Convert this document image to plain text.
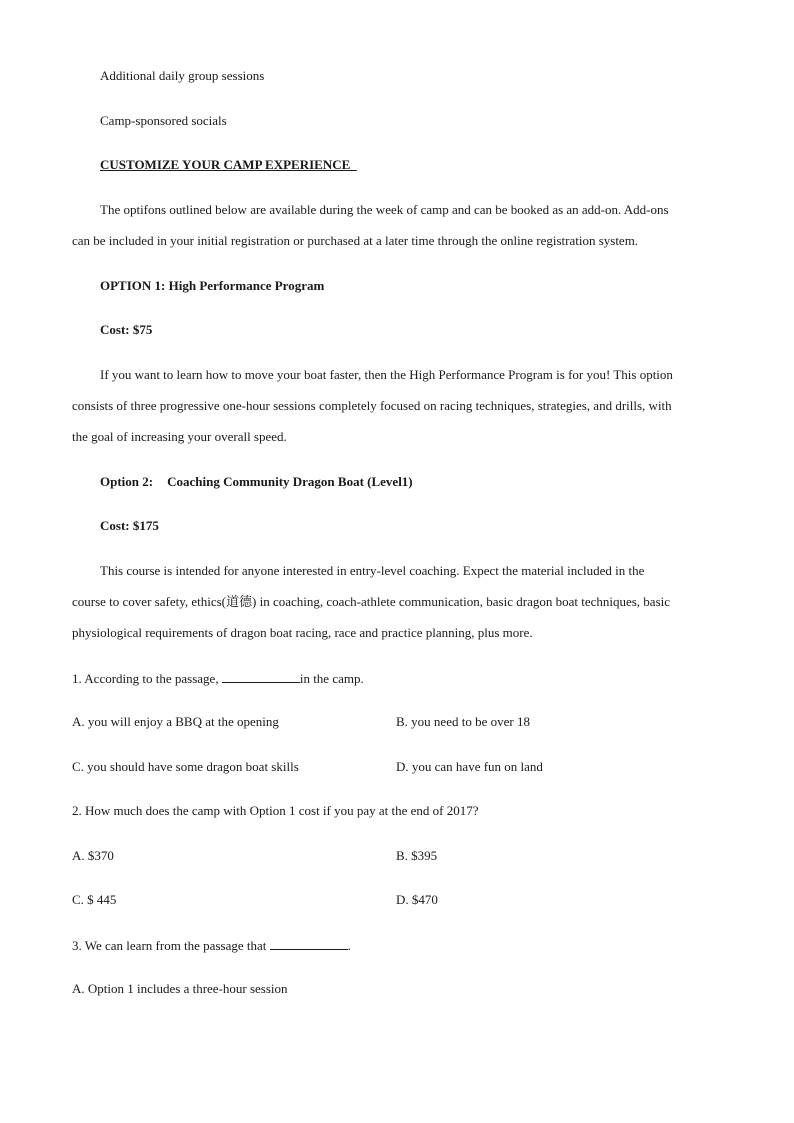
Additional daily group sessions
Camp-sponsored socials
CUSTOMIZE YOUR CAMP EXPERIENCE
The optifons outlined below are available during the week of camp and can be booked as an add-on. Add-ons
can be included in your initial registration or purchased at a later time through the online registration system.
OPTION 1: High Performance Program
Cost: $75
If you want to learn how to move your boat faster, then the High Performance Program is for you! This option
consists of three progressive one-hour sessions completely focused on racing techniques, strategies, and drills, with
the goal of increasing your overall speed.
Option 2: Coaching Community Dragon Boat (Level1)
Cost: $175
This course is intended for anyone interested in entry-level coaching. Expect the material included in the
course to cover safety, ethics(道德) in coaching, coach-athlete communication, basic dragon boat techniques, basic
physiological requirements of dragon boat racing, race and practice planning, plus more.
1. According to the passage,	in the camp.
A. you will enjoy a BBQ at the opening	B. you need to be over 18
C. you should have some dragon boat skills	D. you can have fun on land
2. How much does the camp with Option 1 cost if you pay at the end of 2017?
A. $370	B. $395
C. $ 445	D. $470
3. We can learn from the passage that	.
A. Option 1 includes a three-hour session
